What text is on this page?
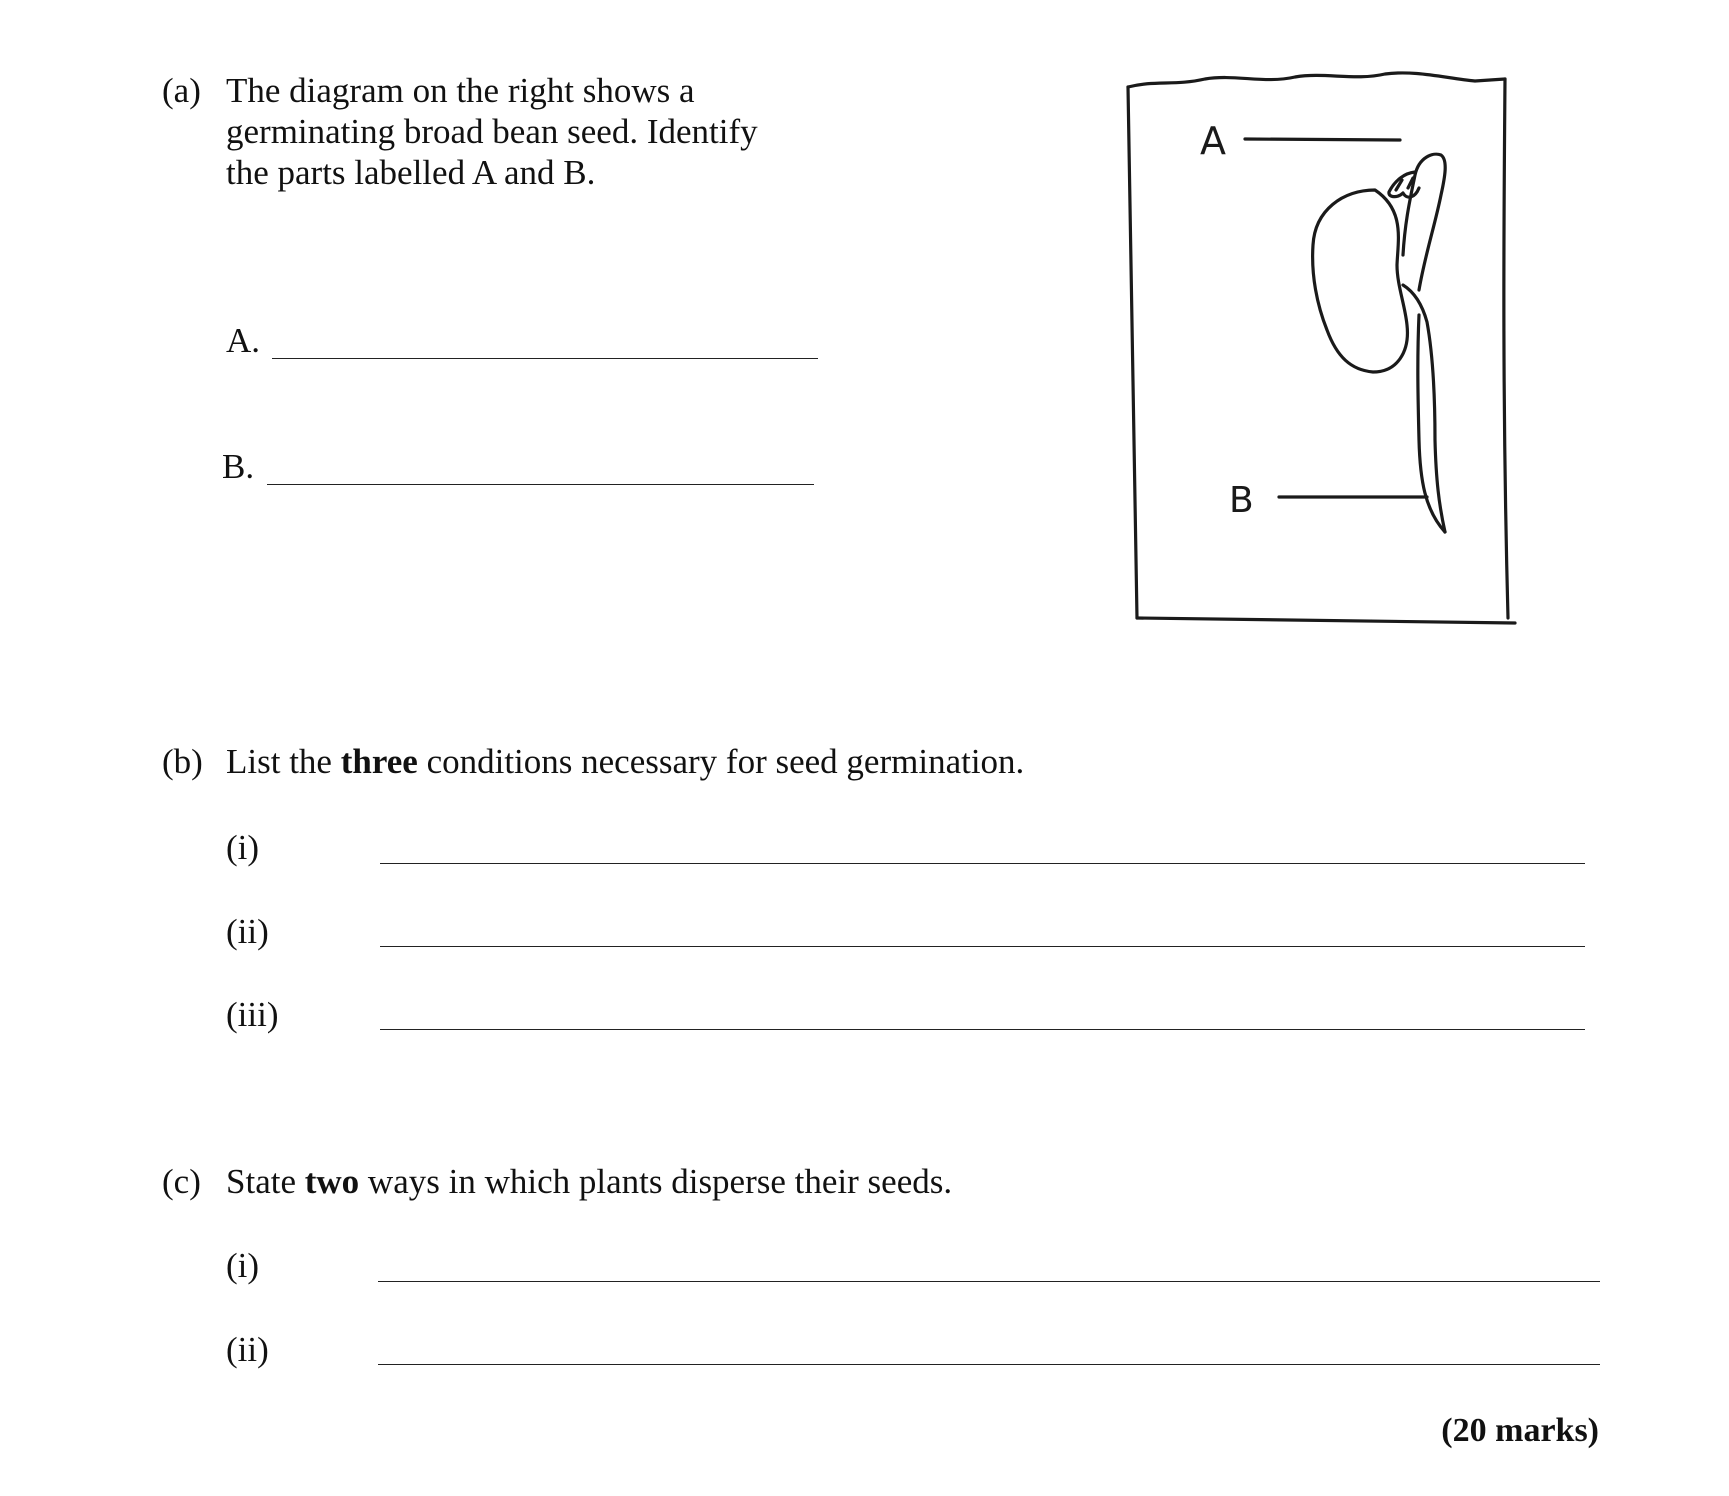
(a) The diagram on the right shows a
germinating broad bean seed. Identify
the parts labelled A and B.
A.
B.
A
B
(b) List the three conditions necessary for seed germination.
(i)
(ii)
(iii)
(c) State two ways in which plants disperse their seeds.
(i)
(ii)
(20 marks)
